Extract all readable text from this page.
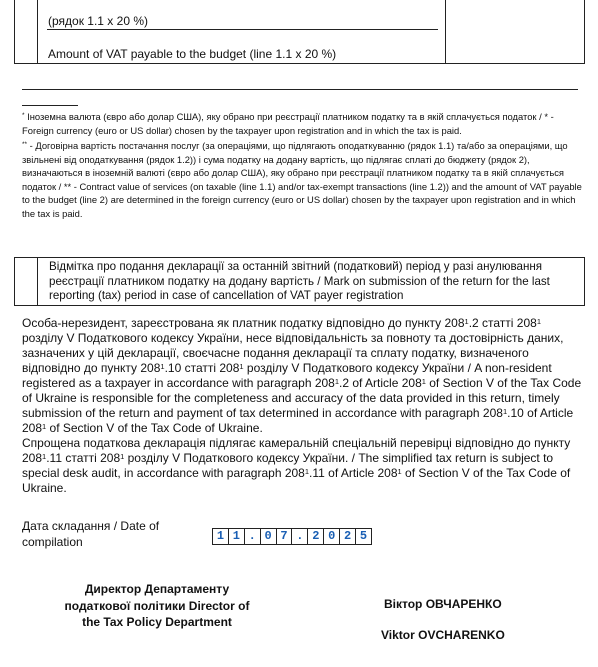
(рядок 1.1 х 20 %)
Amount of VAT payable to the budget (line 1.1 x 20 %)

* Іноземна валюта (євро або долар США), яку обрано при реєстрації платником податку та в якій сплачується податок / * - Foreign currency (euro or US dollar) chosen by the taxpayer upon registration and in which the tax is paid.

** - Договірна вартість постачання послуг (за операціями, що підлягають оподаткуванню (рядок 1.1) та/або за операціями, що звільнені від оподаткування (рядок 1.2)) і сума податку на додану вартість, що підлягає сплаті до бюджету (рядок 2), визначаються в іноземній валюті (євро або долар США), яку обрано при реєстрації платником податку та в якій сплачується податок / ** - Contract value of services (on taxable (line 1.1) and/or tax-exempt transactions (line 1.2)) and the amount of VAT payable to the budget (line 2) are determined in the foreign currency (euro or US dollar) chosen by the taxpayer upon registration and in which the tax is paid.

Відмітка про подання декларації за останній звітний (податковий) період у разі анулювання реєстрації платником податку на додану вартість / Mark on submission of the return for the last reporting (tax) period in case of cancellation of VAT payer registration

Особа-нерезидент, зареєстрована як платник податку відповідно до пункту $208^1.2$ статті $208^1$ розділу V Податкового кодексу України, несе відповідальність за повноту та достовірність даних, зазначених у цій декларації, своєчасне подання декларації та сплату податку, визначеного відповідно до пункту $208^1.10$ статті $208^1$ розділу V Податкового кодексу України / A non-resident registered as a taxpayer in accordance with paragraph $208^1.2$ of Article $208^1$ of Section V of the Tax Code of Ukraine is responsible for the completeness and accuracy of the data provided in this return, timely submission of the return and payment of tax determined in accordance with paragraph $208^1.10$ of Article $208^1$ of Section V of the Tax Code of Ukraine.

Спрощена податкова декларація підлягає камеральній спеціальній перевірці відповідно до пункту $208^1.11$ статті $208^1$ розділу V Податкового кодексу України. / The simplified tax return is subject to special desk audit, in accordance with paragraph $208^1.11$ of Article $208^1$ of Section V of the Tax Code of Ukraine.

Дата складання / Date of compilation	1 1 . 0 7 . 2 0 2 5
Директор Департаменту податкової політики Director of the Tax Policy Department
Віктор ОВЧАРЕНКО
Viktor OVCHARENKO
